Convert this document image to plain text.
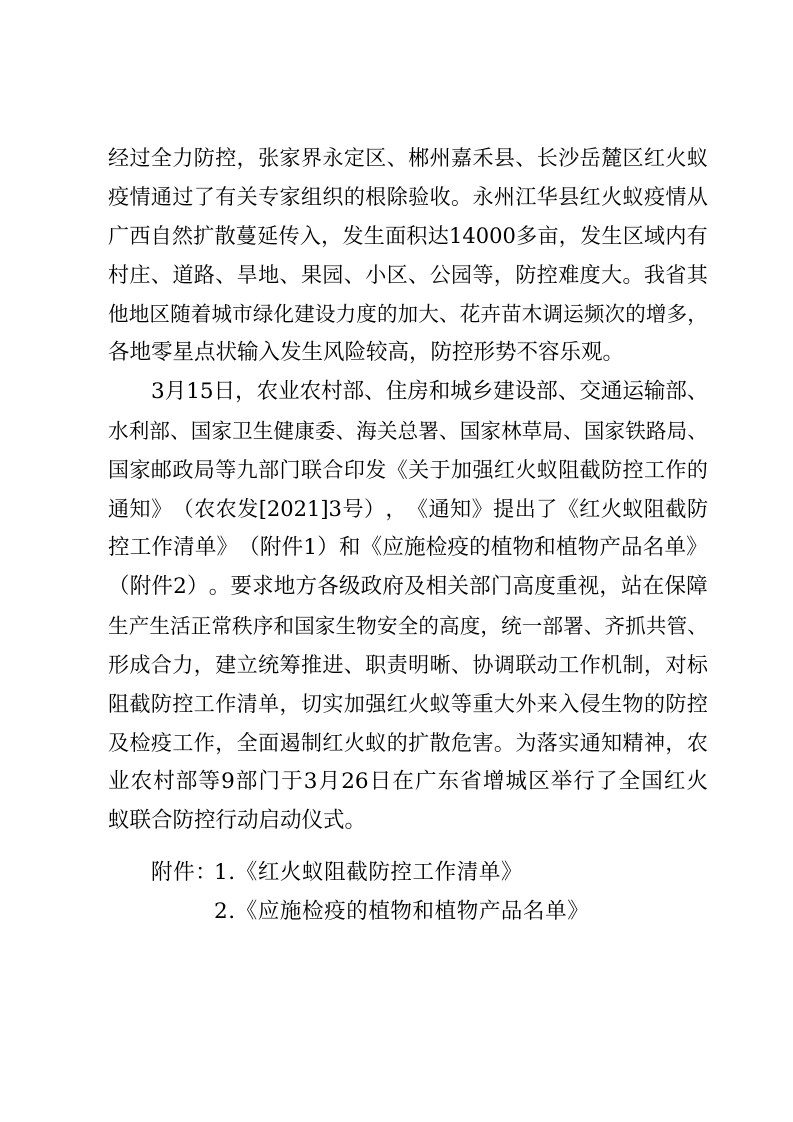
经 过 全 力 防 控 ， 张 家 界 永 定 区 、 郴 州 嘉 禾 县 、 长 沙 岳 麓 区 红 火 蚁
疫 情 通 过 了 有 关 专 家 组 织 的 根 除 验 收 。 永 州 江 华 县 红 火 蚁 疫 情 从
广 西 自 然 扩 散 蔓 延 传 入 ， 发 生 面 积 达 14000 多 亩 ， 发 生 区 域 内 有
村 庄 、 道 路 、 旱 地 、 果 园 、 小 区 、 公 园 等 ， 防 控 难 度 大 。 我 省 其
他 地 区 随 着 城 市 绿 化 建 设 力 度 的 加 大 、 花 卉 苗 木 调 运 频 次 的 增 多 ，
各地零星点状输入发生风险较高，防控形势不容乐观。
3 月 15 日 ， 农 业 农 村 部 、 住 房 和 城 乡 建 设 部 、 交 通 运 输 部 、
水 利 部 、 国 家 卫 生 健 康 委 、 海 关 总 署 、 国 家 林 草 局 、 国 家 铁 路 局 、
国 家 邮 政 局 等 九 部 门 联 合 印 发 《 关 于 加 强 红 火 蚁 阻 截 防 控 工 作 的
通 知 》 （ 农 农 发 [2021]3 号 ） ， 《 通 知 》 提 出 了 《 红 火 蚁 阻 截 防
控 工 作 清 单 》 （ 附 件 1 ） 和 《 应 施 检 疫 的 植 物 和 植 物 产 品 名 单 》
（ 附 件 2 ） 。 要 求 地 方 各 级 政 府 及 相 关 部 门 高 度 重 视 ， 站 在 保 障
生 产 生 活 正 常 秩 序 和 国 家 生 物 安 全 的 高 度 ， 统 一 部 署 、 齐 抓 共 管 、
形 成 合 力 ， 建 立 统 筹 推 进 、 职 责 明 晰 、 协 调 联 动 工 作 机 制 ， 对 标
阻 截 防 控 工 作 清 单 ， 切 实 加 强 红 火 蚁 等 重 大 外 来 入 侵 生 物 的 防 控
及 检 疫 工 作 ， 全 面 遏 制 红 火 蚁 的 扩 散 危 害 。 为 落 实 通 知 精 神 ， 农
业 农 村 部 等 9 部 门 于 3 月 26 日 在 广 东 省 增 城 区 举 行 了 全 国 红 火
蚁联合防控行动启动仪式。
附件：
1.《红火蚁阻截防控工作清单》
2.《应施检疫的植物和植物产品名单》
